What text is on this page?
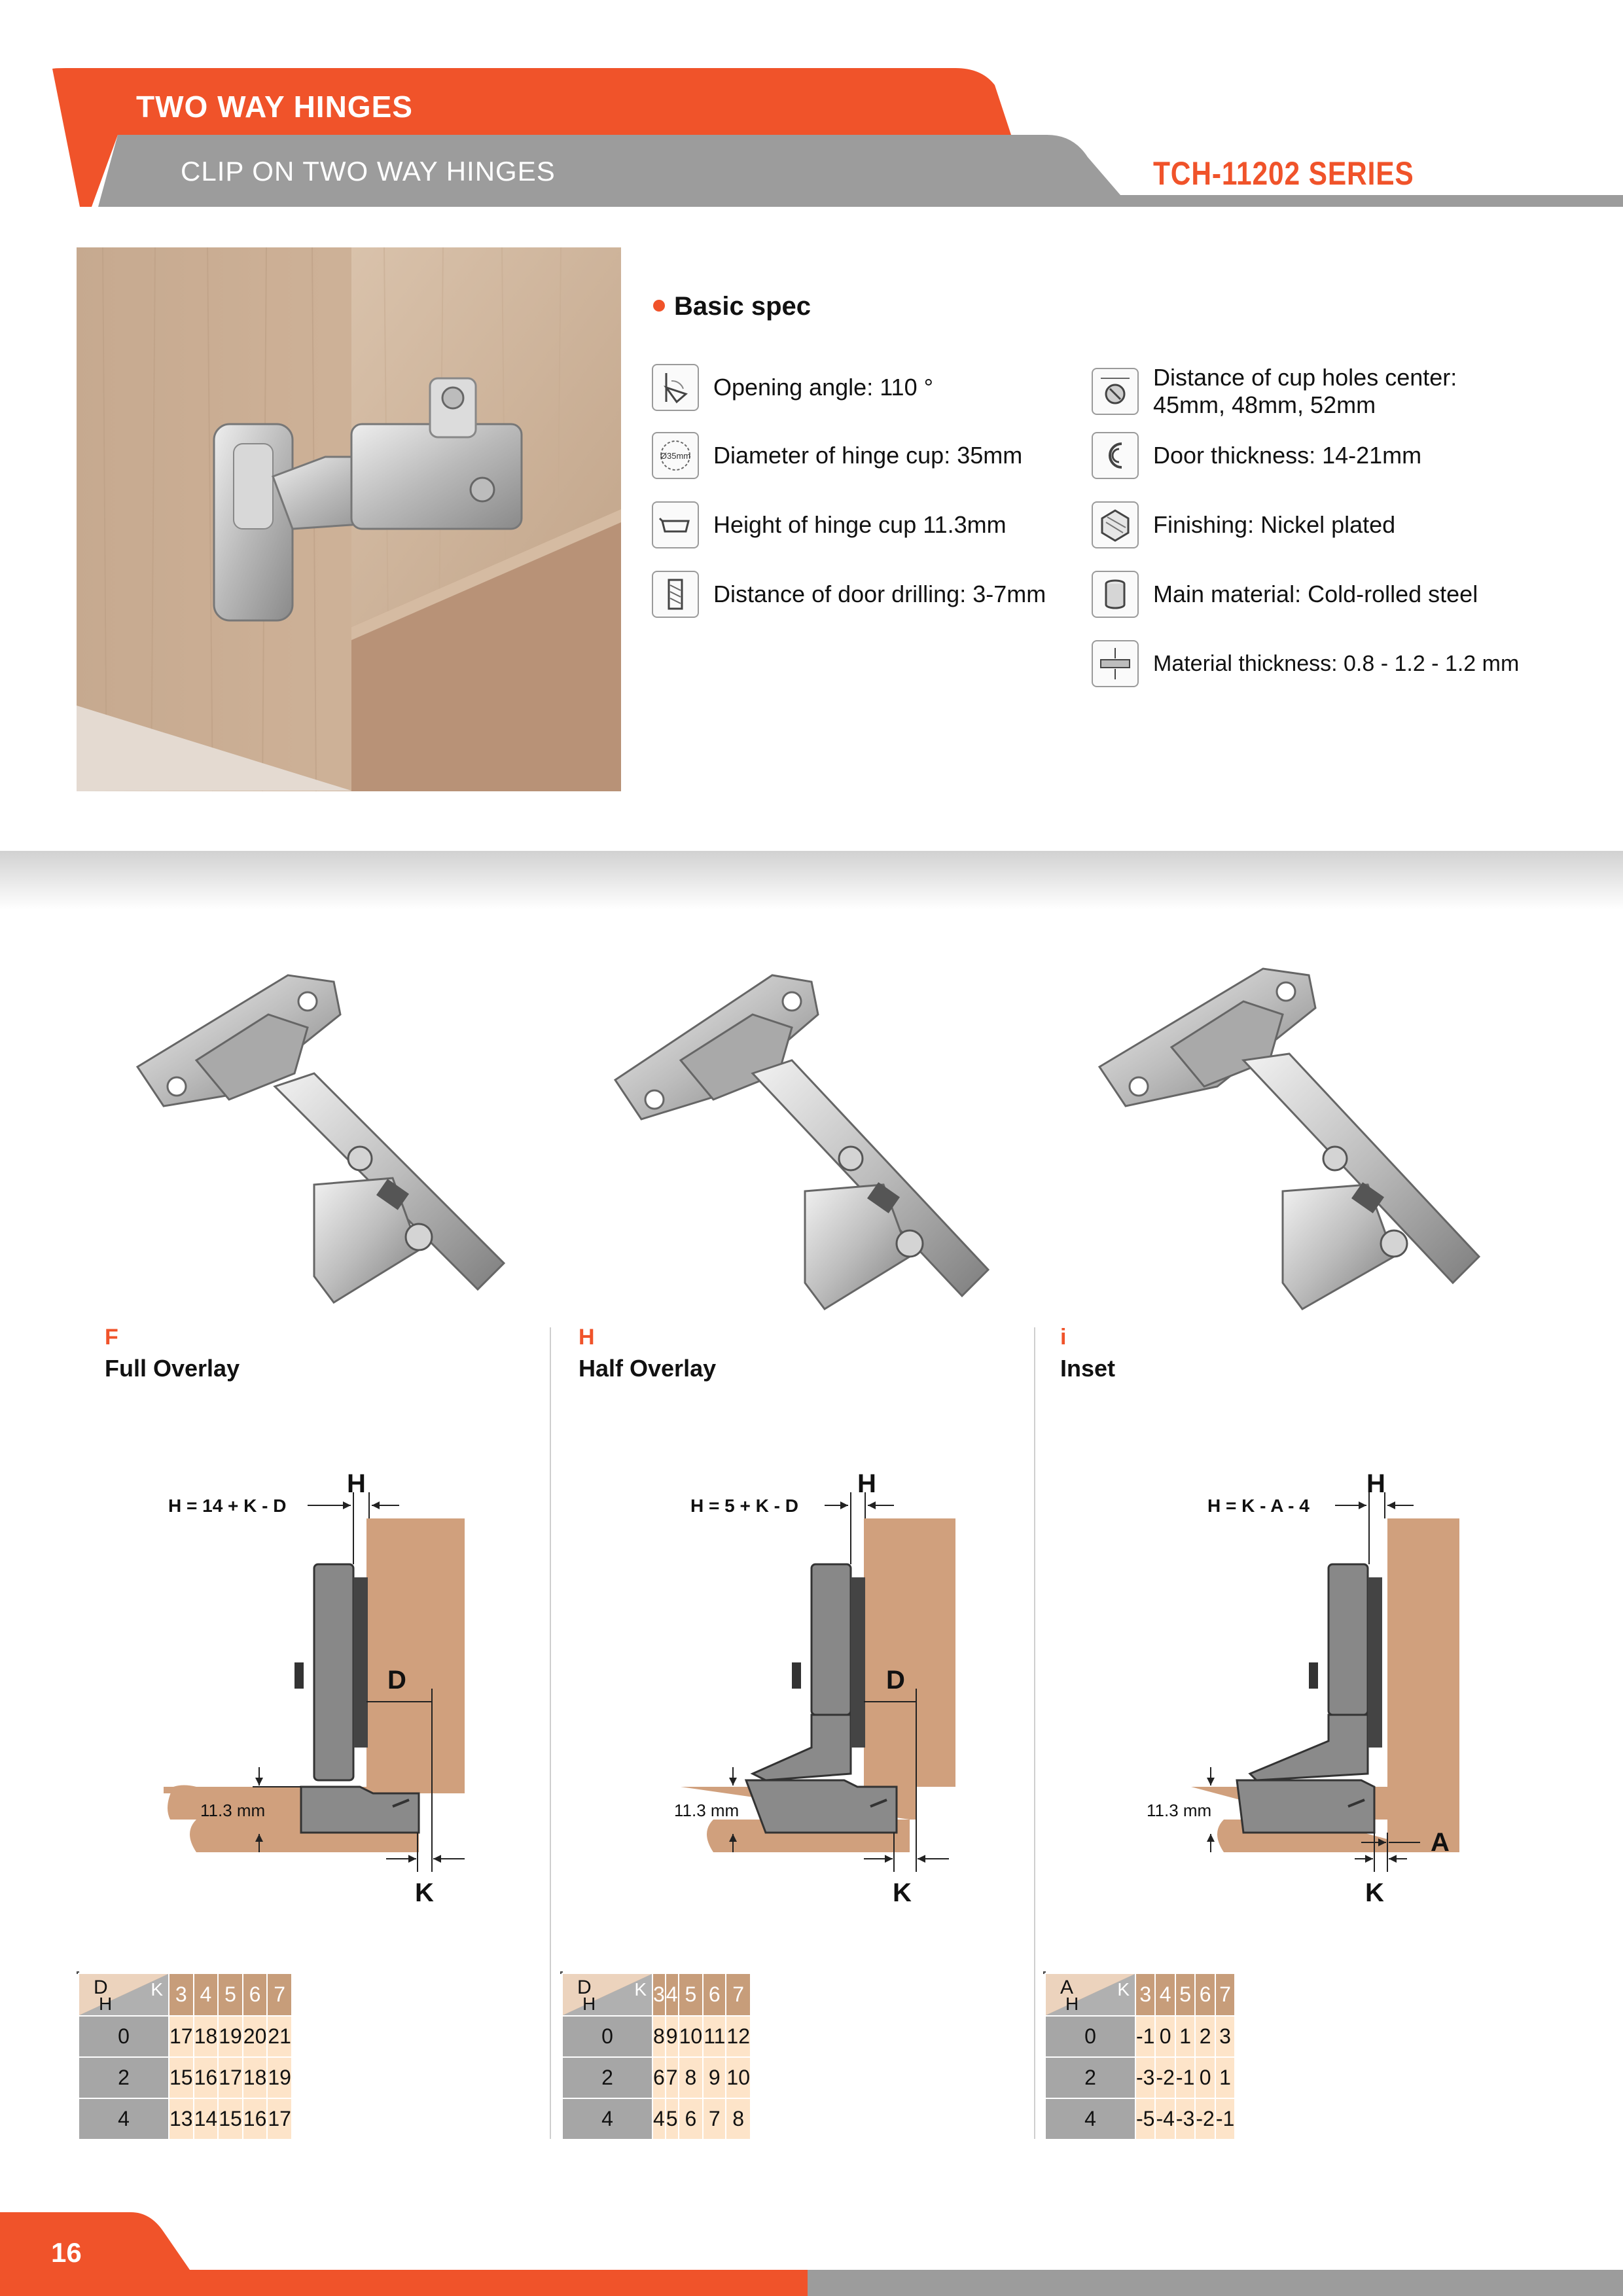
TWO WAY HINGES
CLIP ON TWO WAY HINGES	TCH-11202 SERIES
Basic spec
Opening angle: 110 °
Ø35mm Diameter of hinge cup: 35mm
Height of hinge cup 11.3mm
Distance of door drilling: 3-7mm
Distance of cup holes center:
45mm, 48mm, 52mm
Door thickness: 14-21mm
Finishing: Nickel plated
Main material: Cold-rolled steel
Material thickness: 0.8 - 1.2 - 1.2 mm
F
Full Overlay
H
Half Overlay
i
Inset
H = 14 + K - D
H
D
K
11.3 mm
H = 5 + K - D
H
D
K
11.3 mm
H = K - A - 4
H
A
K
11.3 mm
D
H
K	3	4	5	6	7
0	17	18	19	20	21
2	15	16	17	18	19
4	13	14	15	16	17
D
H
K	3	4	5	6	7
0	8	9	10	11	12
2	6	7	8	9	10
4	4	5	6	7	8
A
H
K	3	4	5	6	7
0	-1	0	1	2	3
2	-3	-2	-1	0	1
4	-5	-4	-3	-2	-1
16
